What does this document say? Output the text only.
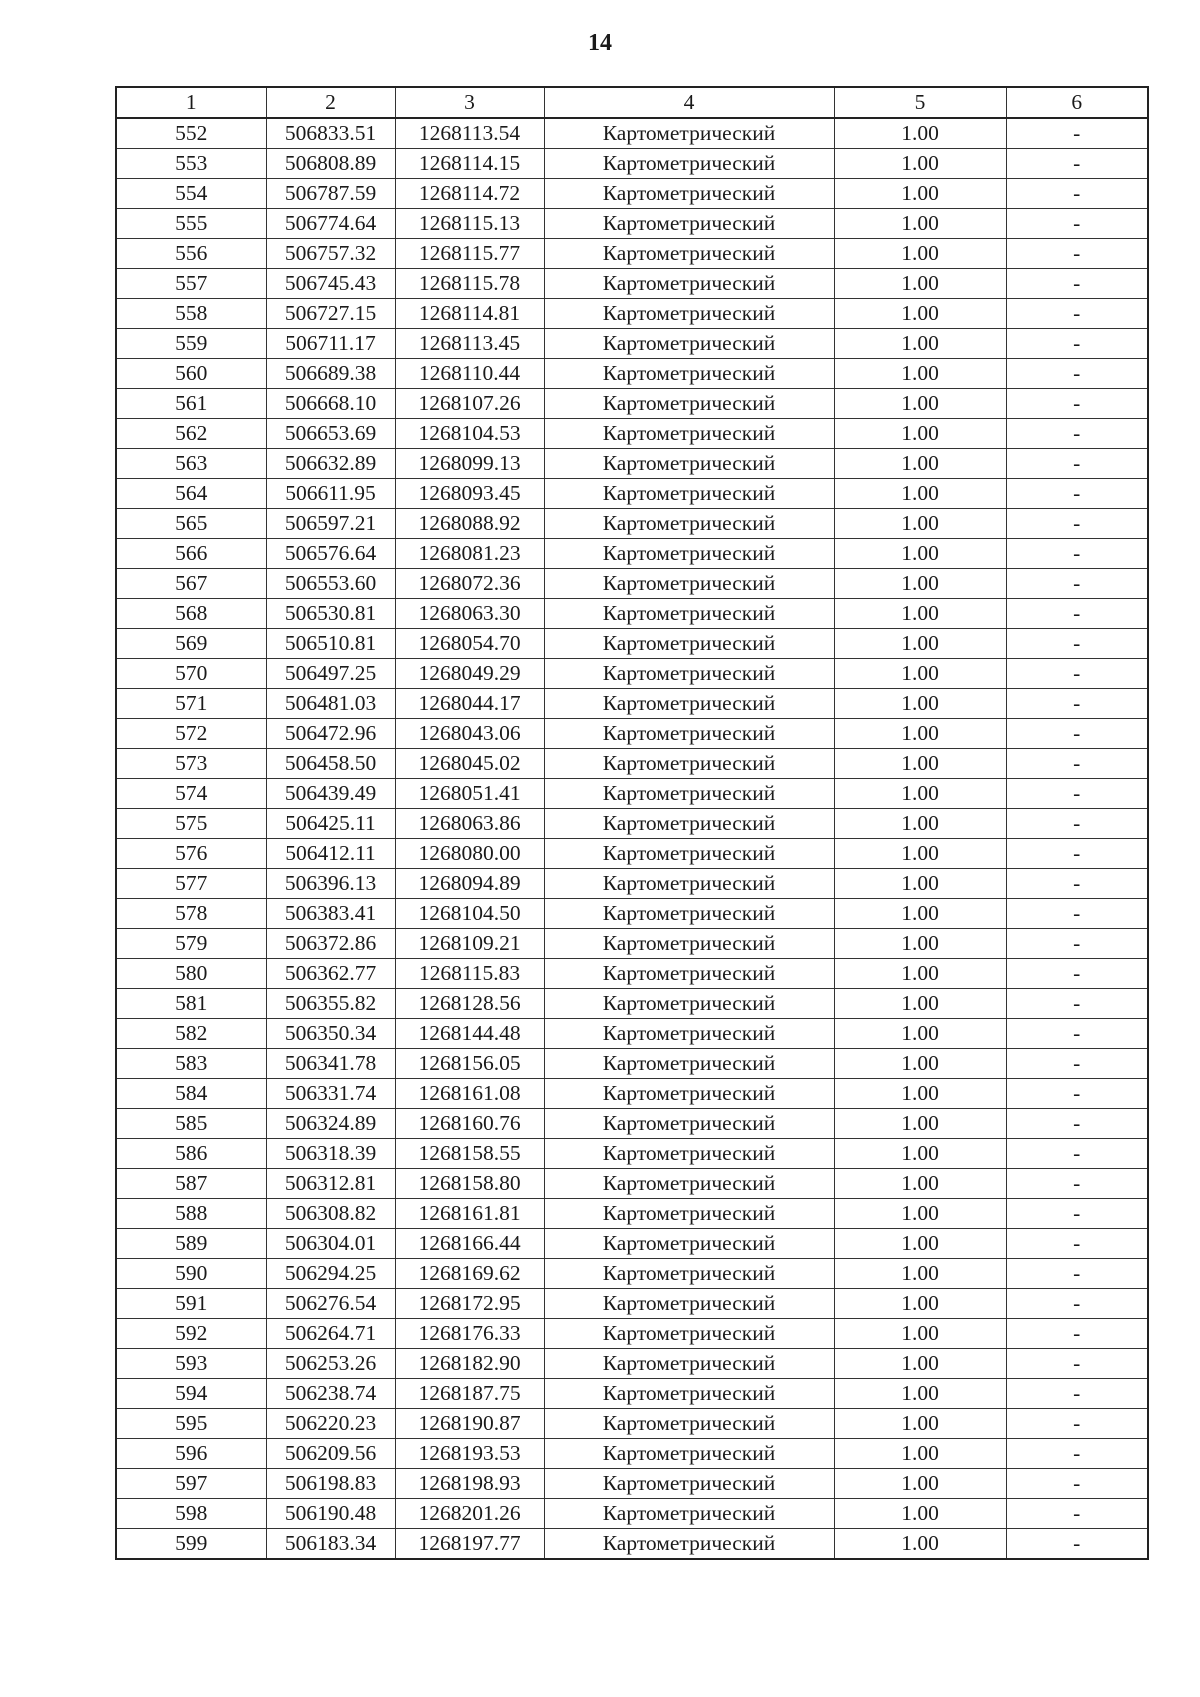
14
1	2	3	4	5	6
552	506833.51	1268113.54	Картометрический	1.00	-
553	506808.89	1268114.15	Картометрический	1.00	-
554	506787.59	1268114.72	Картометрический	1.00	-
555	506774.64	1268115.13	Картометрический	1.00	-
556	506757.32	1268115.77	Картометрический	1.00	-
557	506745.43	1268115.78	Картометрический	1.00	-
558	506727.15	1268114.81	Картометрический	1.00	-
559	506711.17	1268113.45	Картометрический	1.00	-
560	506689.38	1268110.44	Картометрический	1.00	-
561	506668.10	1268107.26	Картометрический	1.00	-
562	506653.69	1268104.53	Картометрический	1.00	-
563	506632.89	1268099.13	Картометрический	1.00	-
564	506611.95	1268093.45	Картометрический	1.00	-
565	506597.21	1268088.92	Картометрический	1.00	-
566	506576.64	1268081.23	Картометрический	1.00	-
567	506553.60	1268072.36	Картометрический	1.00	-
568	506530.81	1268063.30	Картометрический	1.00	-
569	506510.81	1268054.70	Картометрический	1.00	-
570	506497.25	1268049.29	Картометрический	1.00	-
571	506481.03	1268044.17	Картометрический	1.00	-
572	506472.96	1268043.06	Картометрический	1.00	-
573	506458.50	1268045.02	Картометрический	1.00	-
574	506439.49	1268051.41	Картометрический	1.00	-
575	506425.11	1268063.86	Картометрический	1.00	-
576	506412.11	1268080.00	Картометрический	1.00	-
577	506396.13	1268094.89	Картометрический	1.00	-
578	506383.41	1268104.50	Картометрический	1.00	-
579	506372.86	1268109.21	Картометрический	1.00	-
580	506362.77	1268115.83	Картометрический	1.00	-
581	506355.82	1268128.56	Картометрический	1.00	-
582	506350.34	1268144.48	Картометрический	1.00	-
583	506341.78	1268156.05	Картометрический	1.00	-
584	506331.74	1268161.08	Картометрический	1.00	-
585	506324.89	1268160.76	Картометрический	1.00	-
586	506318.39	1268158.55	Картометрический	1.00	-
587	506312.81	1268158.80	Картометрический	1.00	-
588	506308.82	1268161.81	Картометрический	1.00	-
589	506304.01	1268166.44	Картометрический	1.00	-
590	506294.25	1268169.62	Картометрический	1.00	-
591	506276.54	1268172.95	Картометрический	1.00	-
592	506264.71	1268176.33	Картометрический	1.00	-
593	506253.26	1268182.90	Картометрический	1.00	-
594	506238.74	1268187.75	Картометрический	1.00	-
595	506220.23	1268190.87	Картометрический	1.00	-
596	506209.56	1268193.53	Картометрический	1.00	-
597	506198.83	1268198.93	Картометрический	1.00	-
598	506190.48	1268201.26	Картометрический	1.00	-
599	506183.34	1268197.77	Картометрический	1.00	-
